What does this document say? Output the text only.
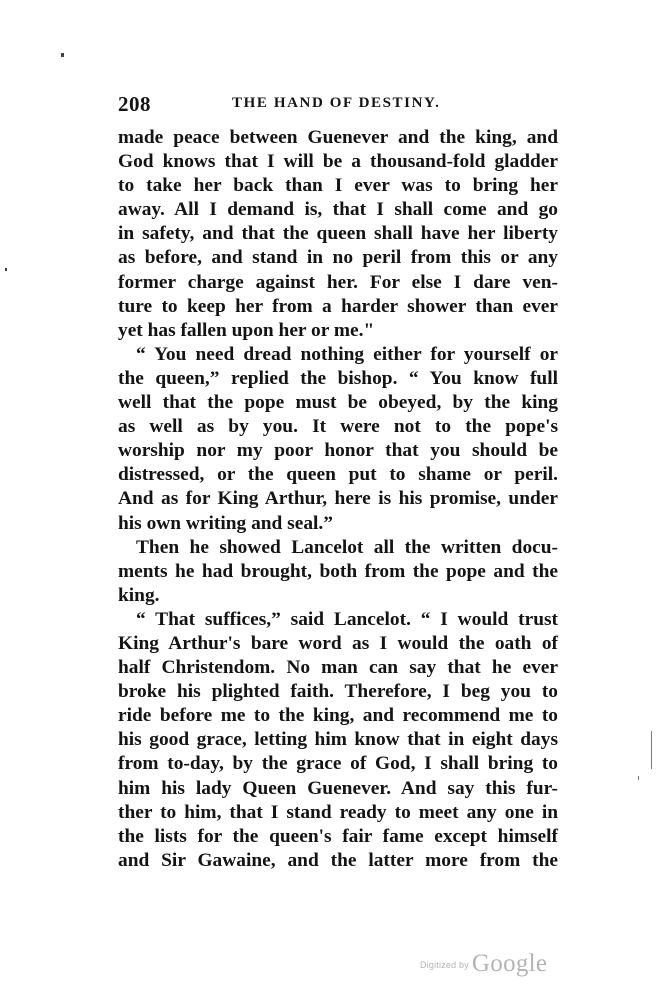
208	THE HAND OF DESTINY.
made peace between Guenever and the king, and
God knows that I will be a thousand-fold gladder
to take her back than I ever was to bring her
away. All I demand is, that I shall come and go
in safety, and that the queen shall have her liberty
as before, and stand in no peril from this or any
former charge against her. For else I dare ven-
ture to keep her from a harder shower than ever
yet has fallen upon her or me."
“ You need dread nothing either for yourself or
the queen,” replied the bishop. “ You know full
well that the pope must be obeyed, by the king
as well as by you. It were not to the pope's
worship nor my poor honor that you should be
distressed, or the queen put to shame or peril.
And as for King Arthur, here is his promise, under
his own writing and seal.”
Then he showed Lancelot all the written docu-
ments he had brought, both from the pope and the
king.
“ That suffices,” said Lancelot. “ I would trust
King Arthur's bare word as I would the oath of
half Christendom. No man can say that he ever
broke his plighted faith. Therefore, I beg you to
ride before me to the king, and recommend me to
his good grace, letting him know that in eight days
from to-day, by the grace of God, I shall bring to
him his lady Queen Guenever. And say this fur-
ther to him, that I stand ready to meet any one in
the lists for the queen's fair fame except himself
and Sir Gawaine, and the latter more from the
Digitized by Google
